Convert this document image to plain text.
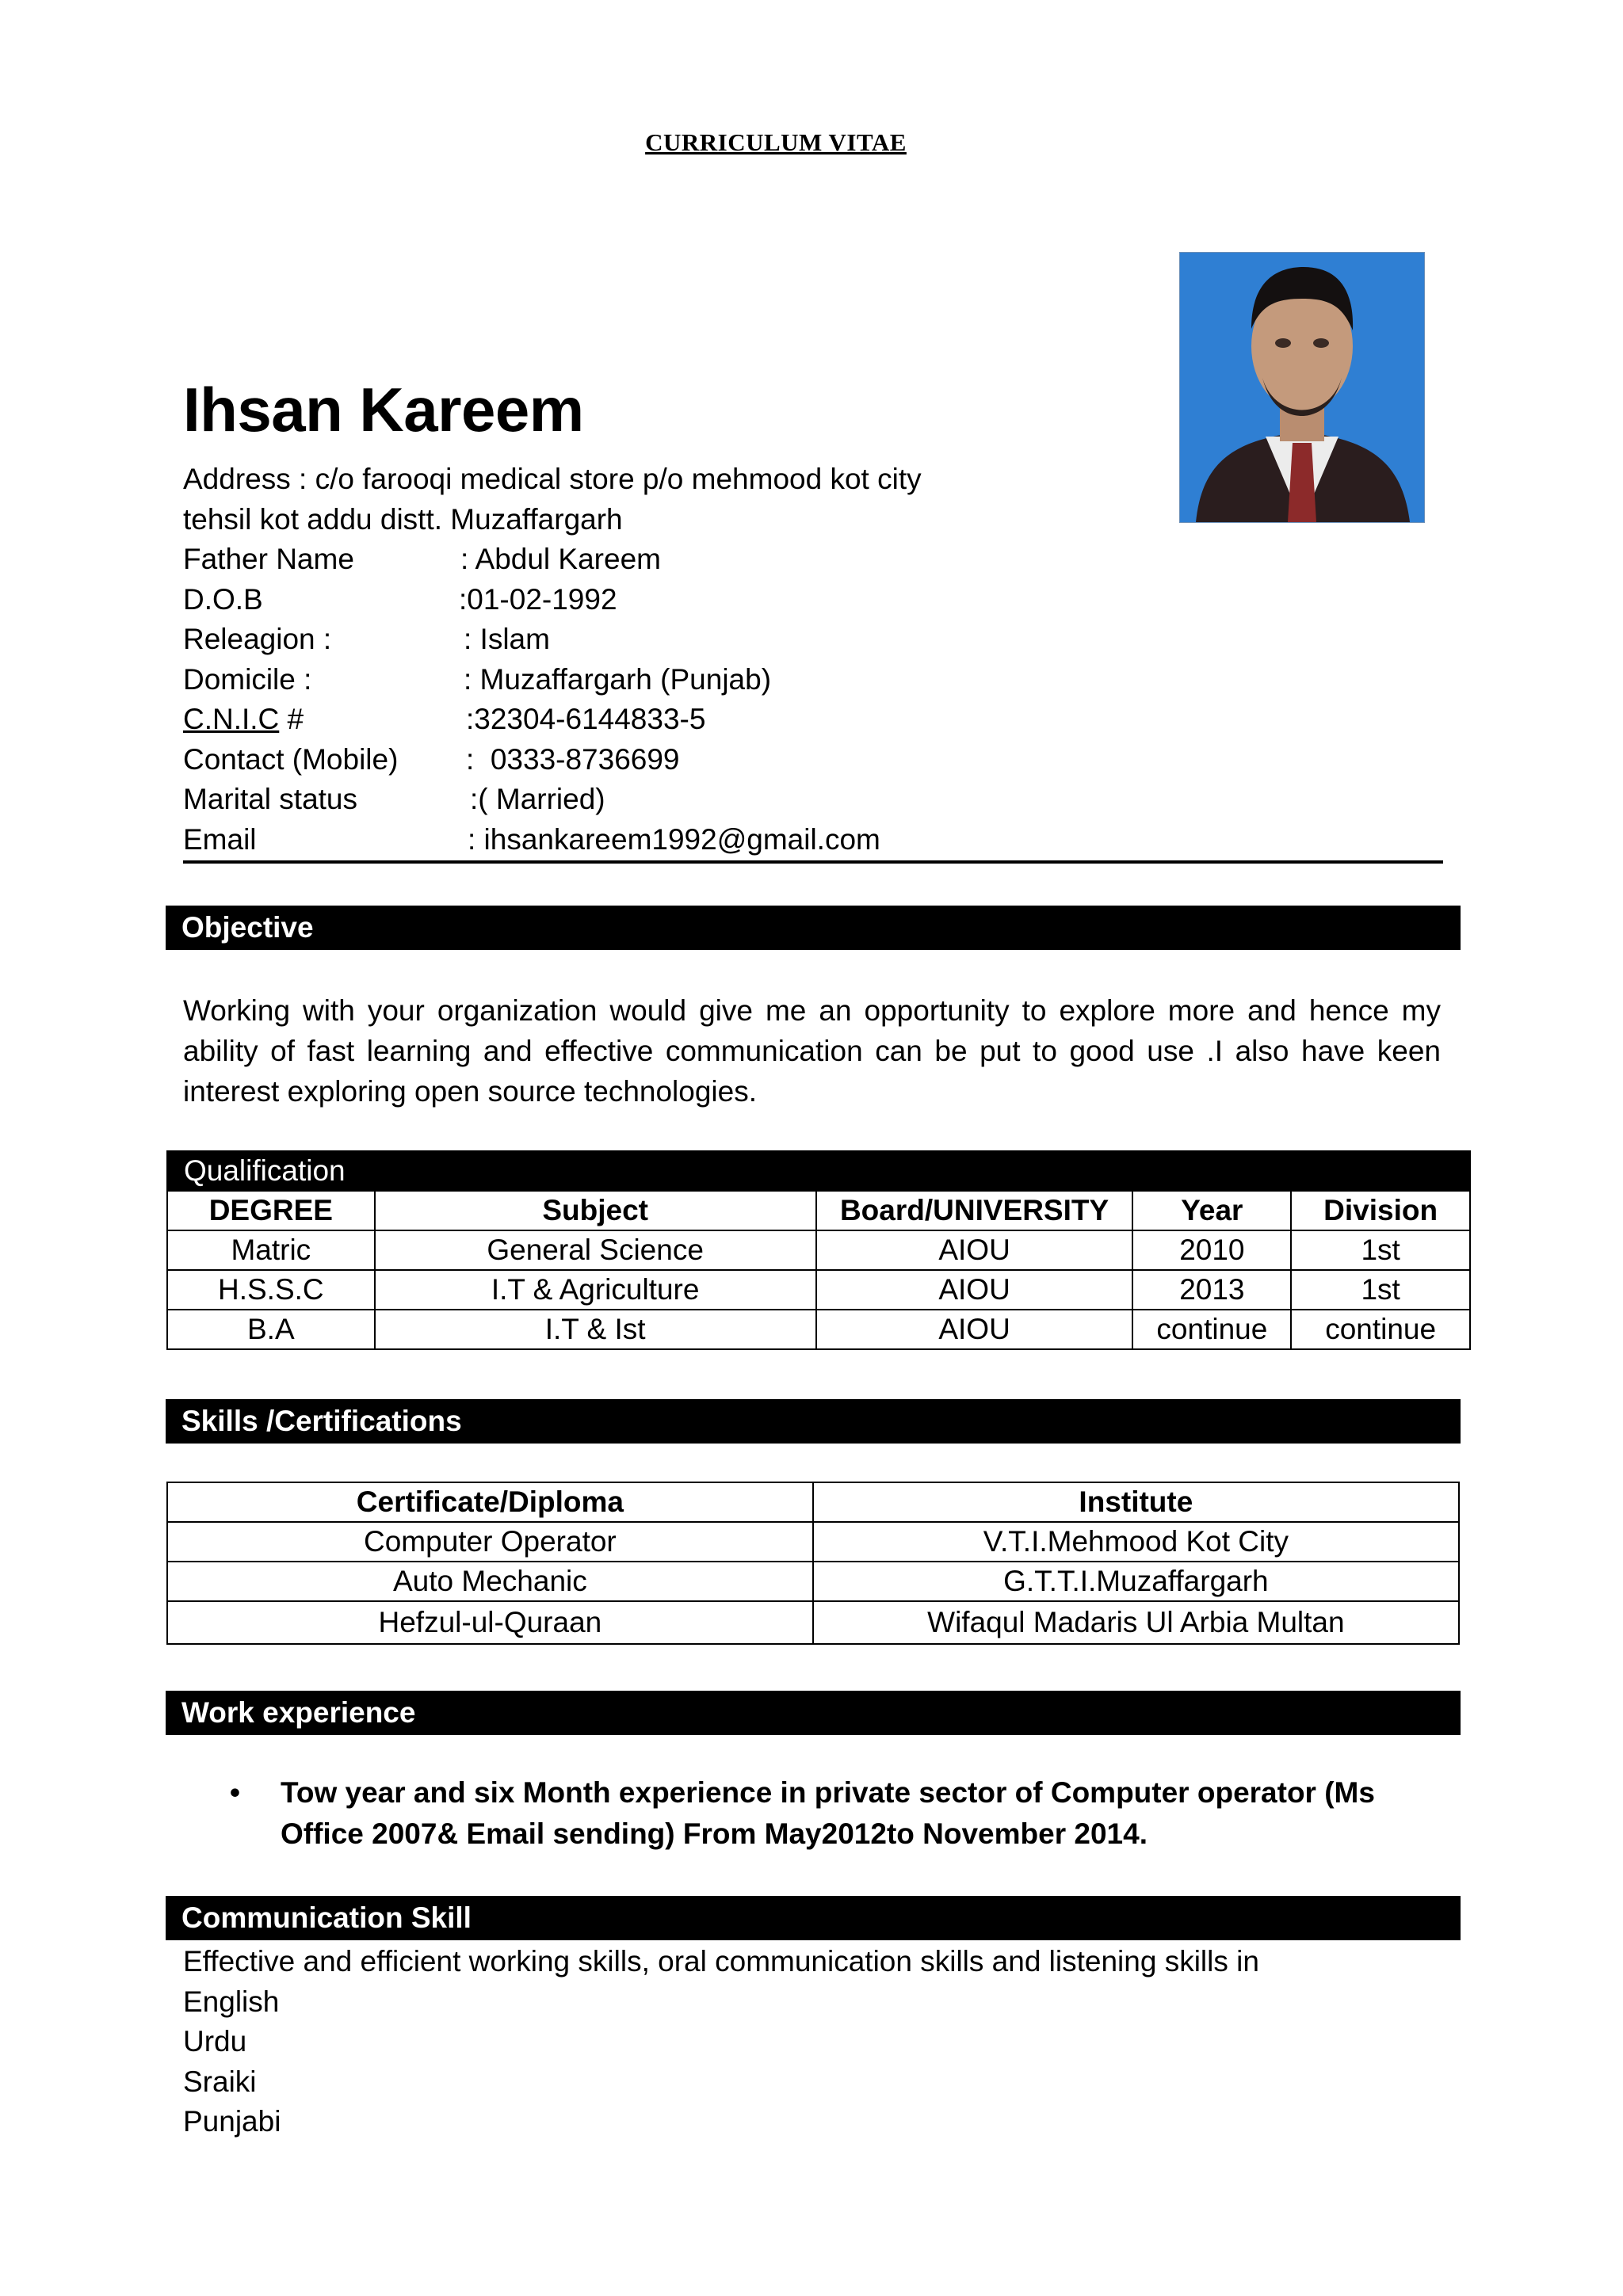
CURRICULUM VITAE
Ihsan Kareem
Address : c/o farooqi medical store p/o mehmood kot city
tehsil kot addu distt. Muzaffargarh
Father Name	: Abdul Kareem
D.O.B	:01-02-1992
Releagion :	: Islam
Domicile :	: Muzaffargarh (Punjab)
C.N.I.C #	:32304-6144833-5
Contact (Mobile) :  0333-8736699
Marital status	:( Married)
Email	: ihsankareem1992@gmail.com
Objective
Working with your organization would give me an opportunity to explore more and hence my ability of fast learning and effective communication can be put to good use .I also have keen interest exploring open source technologies.
Qualification				
DEGREE	Subject	Board/UNIVERSITY	Year	Division
Matric	General Science	AIOU	2010	1st
H.S.S.C	I.T & Agriculture	AIOU	2013	1st
B.A	I.T & Ist	AIOU	continue	continue
Skills /Certifications
Certificate/Diploma	Institute
Computer Operator	V.T.I.Mehmood Kot City
Auto Mechanic	G.T.T.I.Muzaffargarh
Hefzul-ul-Quraan	Wifaqul Madaris Ul Arbia Multan
Work experience
• Tow year and six Month experience in private sector of Computer operator (Ms Office 2007& Email sending) From May2012to November 2014.
Communication Skill
Effective and efficient working skills, oral communication skills and listening skills in
English
Urdu
Sraiki
Punjabi
